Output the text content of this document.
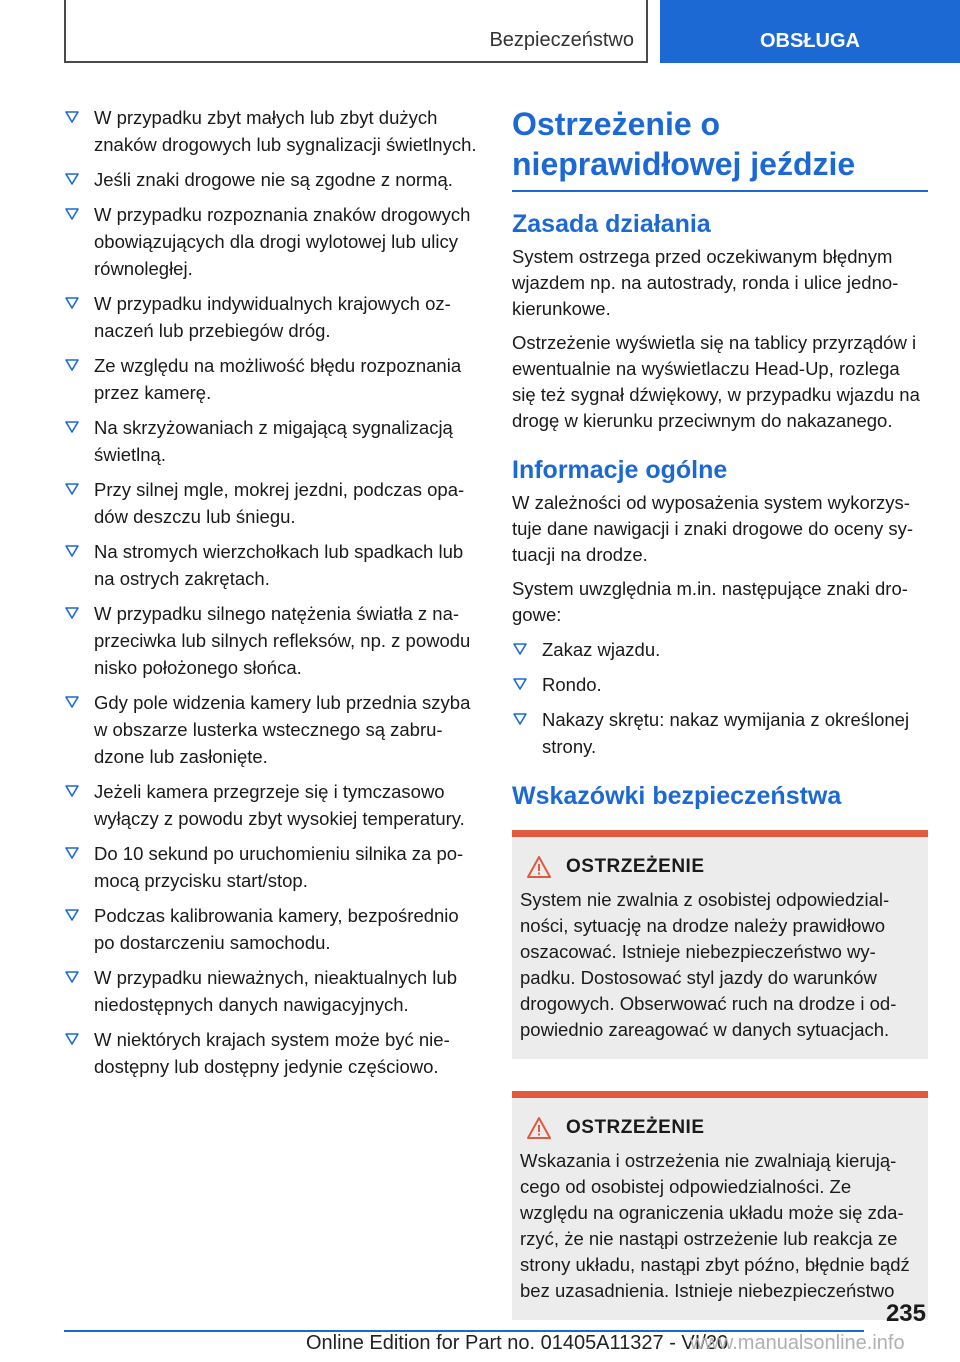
Bezpieczeństwo	OBSŁUGA
W przypadku zbyt małych lub zbyt dużych znaków drogowych lub sygnalizacji świetlnych.
Jeśli znaki drogowe nie są zgodne z normą.
W przypadku rozpoznania znaków drogowych obowiązujących dla drogi wylotowej lub ulicy równoległej.
W przypadku indywidualnych krajowych oznaczeń lub przebiegów dróg.
Ze względu na możliwość błędu rozpoznania przez kamerę.
Na skrzyżowaniach z migającą sygnalizacją świetlną.
Przy silnej mgle, mokrej jezdni, podczas opadów deszczu lub śniegu.
Na stromych wierzchołkach lub spadkach lub na ostrych zakrętach.
W przypadku silnego natężenia światła z naprzeciwka lub silnych refleksów, np. z powodu nisko położonego słońca.
Gdy pole widzenia kamery lub przednia szyba w obszarze lusterka wstecznego są zabrudzone lub zasłonięte.
Jeżeli kamera przegrzeje się i tymczasowo wyłączy z powodu zbyt wysokiej temperatury.
Do 10 sekund po uruchomieniu silnika za pomocą przycisku start/stop.
Podczas kalibrowania kamery, bezpośrednio po dostarczeniu samochodu.
W przypadku nieważnych, nieaktualnych lub niedostępnych danych nawigacyjnych.
W niektórych krajach system może być niedostępny lub dostępny jedynie częściowo.
Ostrzeżenie o nieprawidłowej jeździe
Zasada działania

System ostrzega przed oczekiwanym błędnym wjazdem np. na autostrady, ronda i ulice jednokierunkowe.

Ostrzeżenie wyświetla się na tablicy przyrządów i ewentualnie na wyświetlaczu Head-Up, rozlega się też sygnał dźwiękowy, w przypadku wjazdu na drogę w kierunku przeciwnym do nakazanego.

Informacje ogólne

W zależności od wyposażenia system wykorzystuje dane nawigacji i znaki drogowe do oceny sytuacji na drodze.

System uwzględnia m.in. następujące znaki drogowe:

Zakaz wjazdu.
Rondo.
Nakazy skrętu: nakaz wymijania z określonej strony.
Wskazówki bezpieczeństwa
OSTRZEŻENIE

System nie zwalnia z osobistej odpowiedzialności, sytuację na drodze należy prawidłowo oszacować. Istnieje niebezpieczeństwo wypadku. Dostosować styl jazdy do warunków drogowych. Obserwować ruch na drodze i odpowiednio zareagować w danych sytuacjach.

OSTRZEŻENIE

Wskazania i ostrzeżenia nie zwalniają kierującego od osobistej odpowiedzialności. Ze względu na ograniczenia układu może się zdarzyć, że nie nastąpi ostrzeżenie lub reakcja ze strony układu, nastąpi zbyt późno, błędnie bądź bez uzasadnienia. Istnieje niebezpieczeństwo

235
Online Edition for Part no. 01405A11327 - VI/20
www.manualsonline.info
